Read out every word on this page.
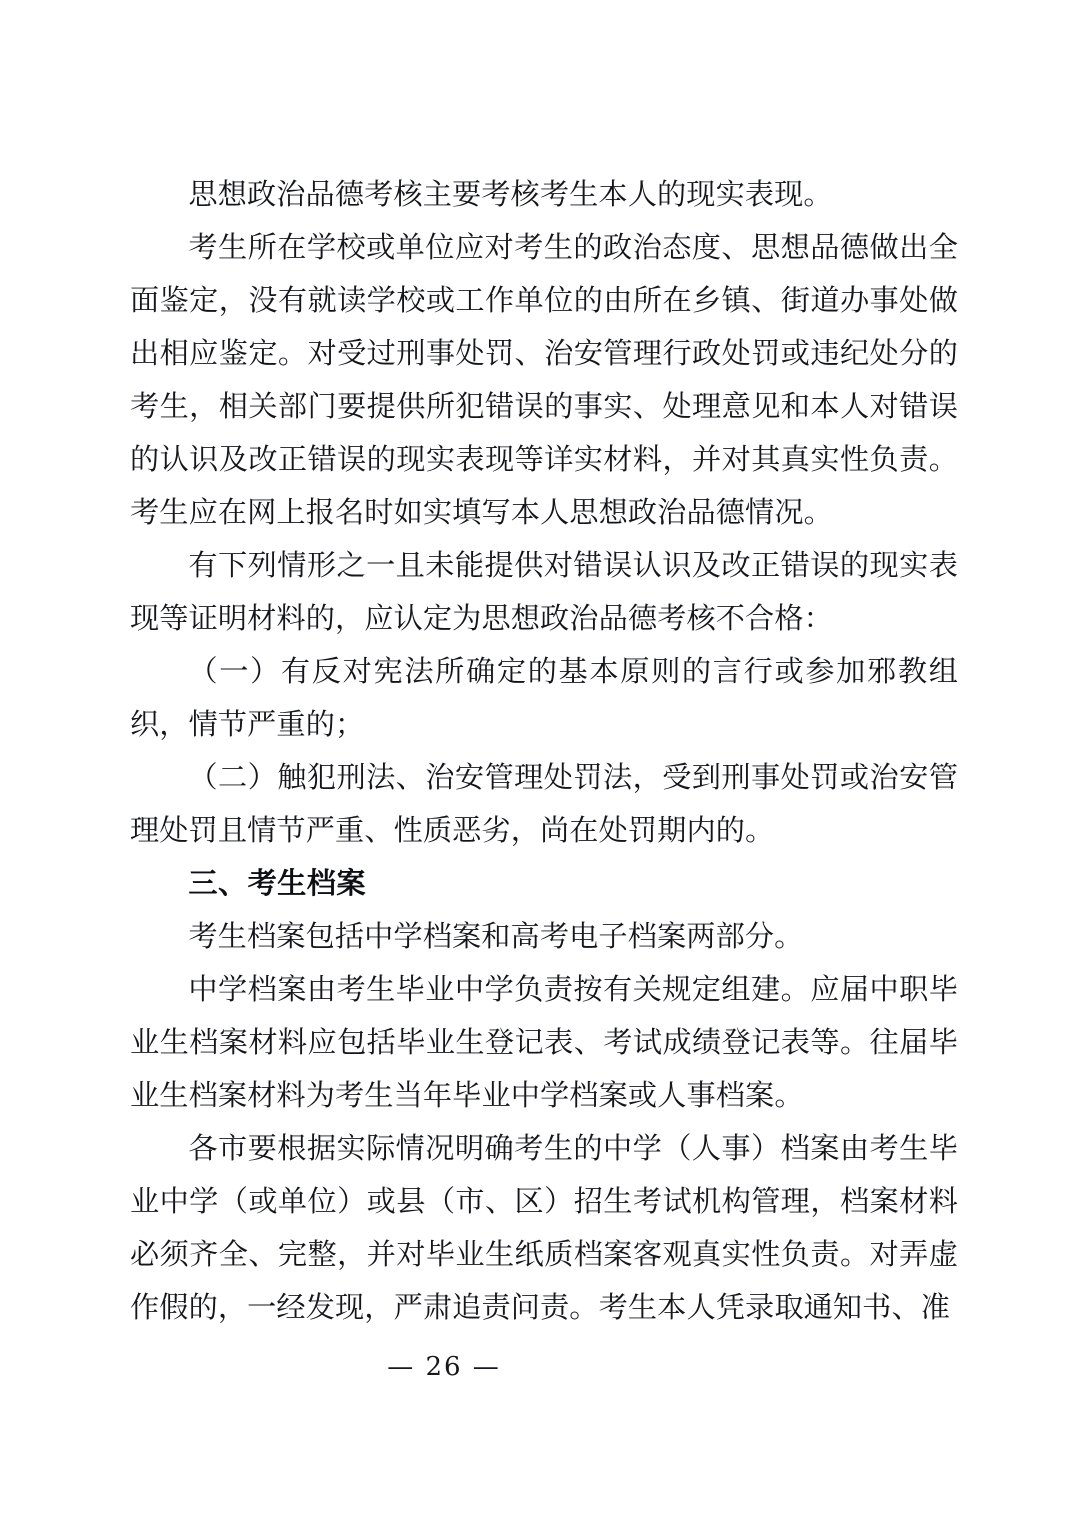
思想政治品德考核主要考核考生本人的现实表现。

考生所在学校或单位应对考生的政治态度、思想品德做出全面鉴定，没有就读学校或工作单位的由所在乡镇、街道办事处做出相应鉴定。对受过刑事处罚、治安管理行政处罚或违纪处分的考生，相关部门要提供所犯错误的事实、处理意见和本人对错误的认识及改正错误的现实表现等详实材料，并对其真实性负责。考生应在网上报名时如实填写本人思想政治品德情况。

有下列情形之一且未能提供对错误认识及改正错误的现实表现等证明材料的，应认定为思想政治品德考核不合格：

（一）有反对宪法所确定的基本原则的言行或参加邪教组织，情节严重的；

（二）触犯刑法、治安管理处罚法，受到刑事处罚或治安管理处罚且情节严重、性质恶劣，尚在处罚期内的。

三、考生档案

考生档案包括中学档案和高考电子档案两部分。

中学档案由考生毕业中学负责按有关规定组建。应届中职毕业生档案材料应包括毕业生登记表、考试成绩登记表等。往届毕业生档案材料为考生当年毕业中学档案或人事档案。

各市要根据实际情况明确考生的中学（人事）档案由考生毕业中学（或单位）或县（市、区）招生考试机构管理，档案材料必须齐全、完整，并对毕业生纸质档案客观真实性负责。对弄虚作假的，一经发现，严肃追责问责。考生本人凭录取通知书、准

— 26 —
